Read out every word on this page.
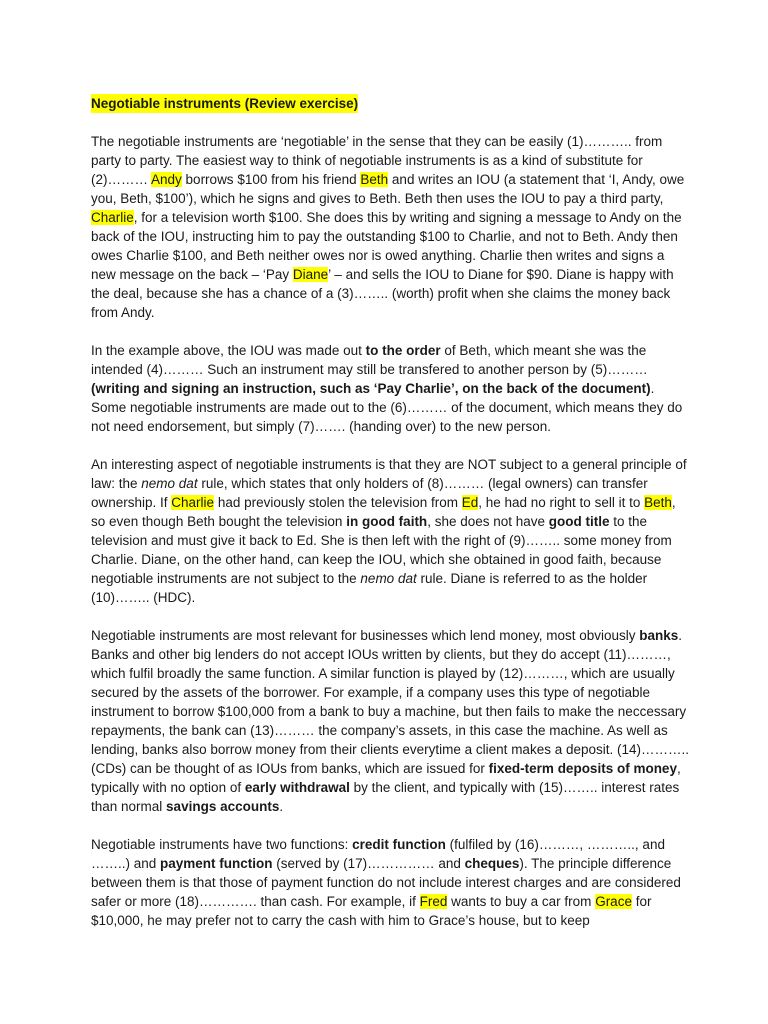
Negotiable instruments (Review exercise)

The negotiable instruments are ‘negotiable’ in the sense that they can be easily (1)……….. from party to party. The easiest way to think of negotiable instruments is as a kind of substitute for (2)……… Andy borrows $100 from his friend Beth and writes an IOU (a statement that ‘I, Andy, owe you, Beth, $100’), which he signs and gives to Beth. Beth then uses the IOU to pay a third party, Charlie, for a television worth $100. She does this by writing and signing a message to Andy on the back of the IOU, instructing him to pay the outstanding $100 to Charlie, and not to Beth. Andy then owes Charlie $100, and Beth neither owes nor is owed anything. Charlie then writes and signs a new message on the back – ‘Pay Diane’ – and sells the IOU to Diane for $90. Diane is happy with the deal, because she has a chance of a (3)…….. (worth) profit when she claims the money back from Andy.

In the example above, the IOU was made out to the order of Beth, which meant she was the intended (4)……… Such an instrument may still be transfered to another person by (5)……… (writing and signing an instruction, such as ‘Pay Charlie’, on the back of the document). Some negotiable instruments are made out to the (6)……… of the document, which means they do not need endorsement, but simply (7)……. (handing over) to the new person.

An interesting aspect of negotiable instruments is that they are NOT subject to a general principle of law: the nemo dat rule, which states that only holders of (8)……… (legal owners) can transfer ownership. If Charlie had previously stolen the television from Ed, he had no right to sell it to Beth, so even though Beth bought the television in good faith, she does not have good title to the television and must give it back to Ed. She is then left with the right of (9)…….. some money from Charlie. Diane, on the other hand, can keep the IOU, which she obtained in good faith, because negotiable instruments are not subject to the nemo dat rule. Diane is referred to as the holder (10)…….. (HDC).

Negotiable instruments are most relevant for businesses which lend money, most obviously banks. Banks and other big lenders do not accept IOUs written by clients, but they do accept (11)………, which fulfil broadly the same function. A similar function is played by (12)………, which are usually secured by the assets of the borrower. For example, if a company uses this type of negotiable instrument to borrow $100,000 from a bank to buy a machine, but then fails to make the neccessary repayments, the bank can (13)……… the company’s assets, in this case the machine. As well as lending, banks also borrow money from their clients everytime a client makes a deposit. (14)……….. (CDs) can be thought of as IOUs from banks, which are issued for fixed-term deposits of money, typically with no option of early withdrawal by the client, and typically with (15)…….. interest rates than normal savings accounts.

Negotiable instruments have two functions: credit function (fulfiled by (16)………, ……….., and ……..) and payment function (served by (17)…………… and cheques). The principle difference between them is that those of payment function do not include interest charges and are considered safer or more (18)…………. than cash. For example, if Fred wants to buy a car from Grace for $10,000, he may prefer not to carry the cash with him to Grace’s house, but to keep
